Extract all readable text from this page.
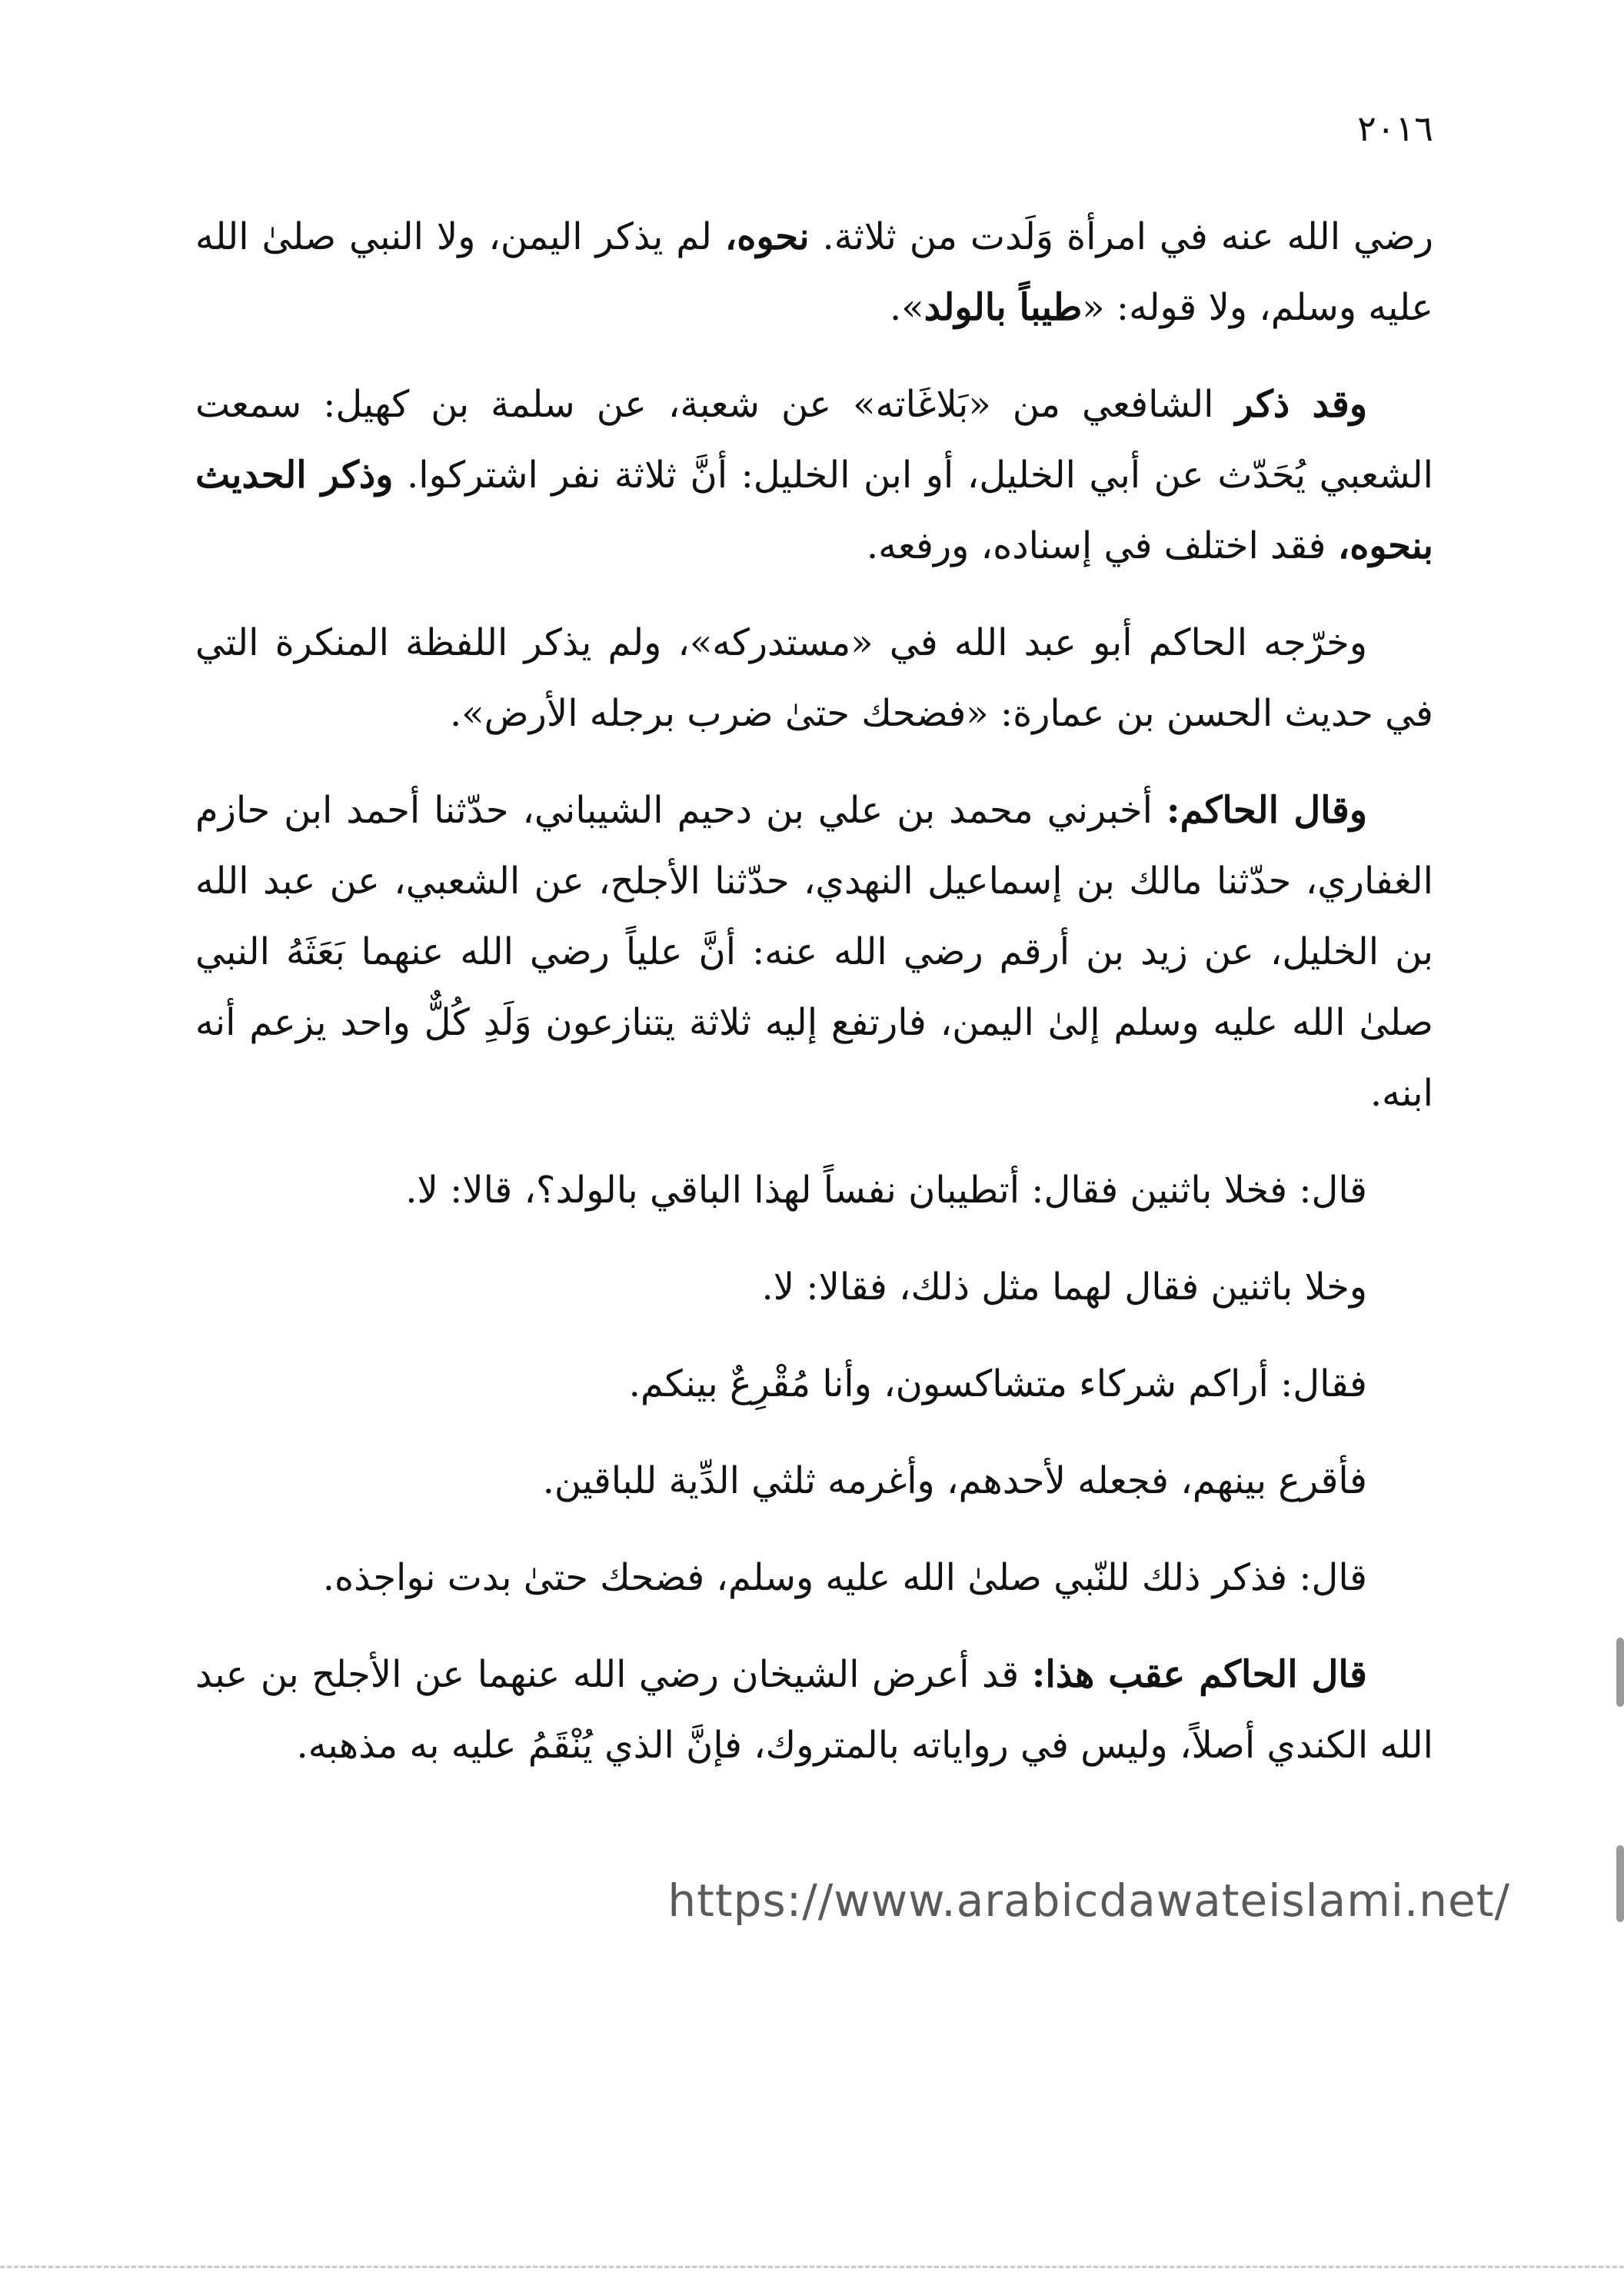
٢٠١٦

رضي الله عنه في امرأة وَلَدت من ثلاثة. نحوه، لم يذكر اليمن، ولا النبي صلىٰ الله عليه وسلم، ولا قوله: «طيباً بالولد».

وقد ذكر الشافعي من «بَلاغَاته» عن شعبة، عن سلمة بن كهيل: سمعت الشعبي يُحَدّث عن أبي الخليل، أو ابن الخليل: أنَّ ثلاثة نفر اشتركوا. وذكر الحديث بنحوه، فقد اختلف في إسناده، ورفعه.

وخرّجه الحاكم أبو عبد الله في «مستدركه»، ولم يذكر اللفظة المنكرة التي في حديث الحسن بن عمارة: «فضحك حتىٰ ضرب برجله الأرض».

وقال الحاكم: أخبرني محمد بن علي بن دحيم الشيباني، حدّثنا أحمد ابن حازم الغفاري، حدّثنا مالك بن إسماعيل النهدي، حدّثنا الأجلح، عن الشعبي، عن عبد الله بن الخليل، عن زيد بن أرقم رضي الله عنه: أنَّ علياً رضي الله عنهما بَعَثَهُ النبي صلىٰ الله عليه وسلم إلىٰ اليمن، فارتفع إليه ثلاثة يتنازعون وَلَدِ كُلٌّ واحد يزعم أنه ابنه.

قال: فخلا باثنين فقال: أتطيبان نفساً لهذا الباقي بالولد؟، قالا: لا.

وخلا باثنين فقال لهما مثل ذلك، فقالا: لا.

فقال: أراكم شركاء متشاكسون، وأنا مُقْرِعٌ بينكم.

فأقرع بينهم، فجعله لأحدهم، وأغرمه ثلثي الدِّية للباقين.

قال: فذكر ذلك للنّبي صلىٰ الله عليه وسلم، فضحك حتىٰ بدت نواجذه.

قال الحاكم عقب هذا: قد أعرض الشيخان رضي الله عنهما عن الأجلح بن عبد الله الكندي أصلاً، وليس في رواياته بالمتروك، فإنَّ الذي يُنْقَمُ عليه به مذهبه.

https://www.arabicdawateislami.net/
